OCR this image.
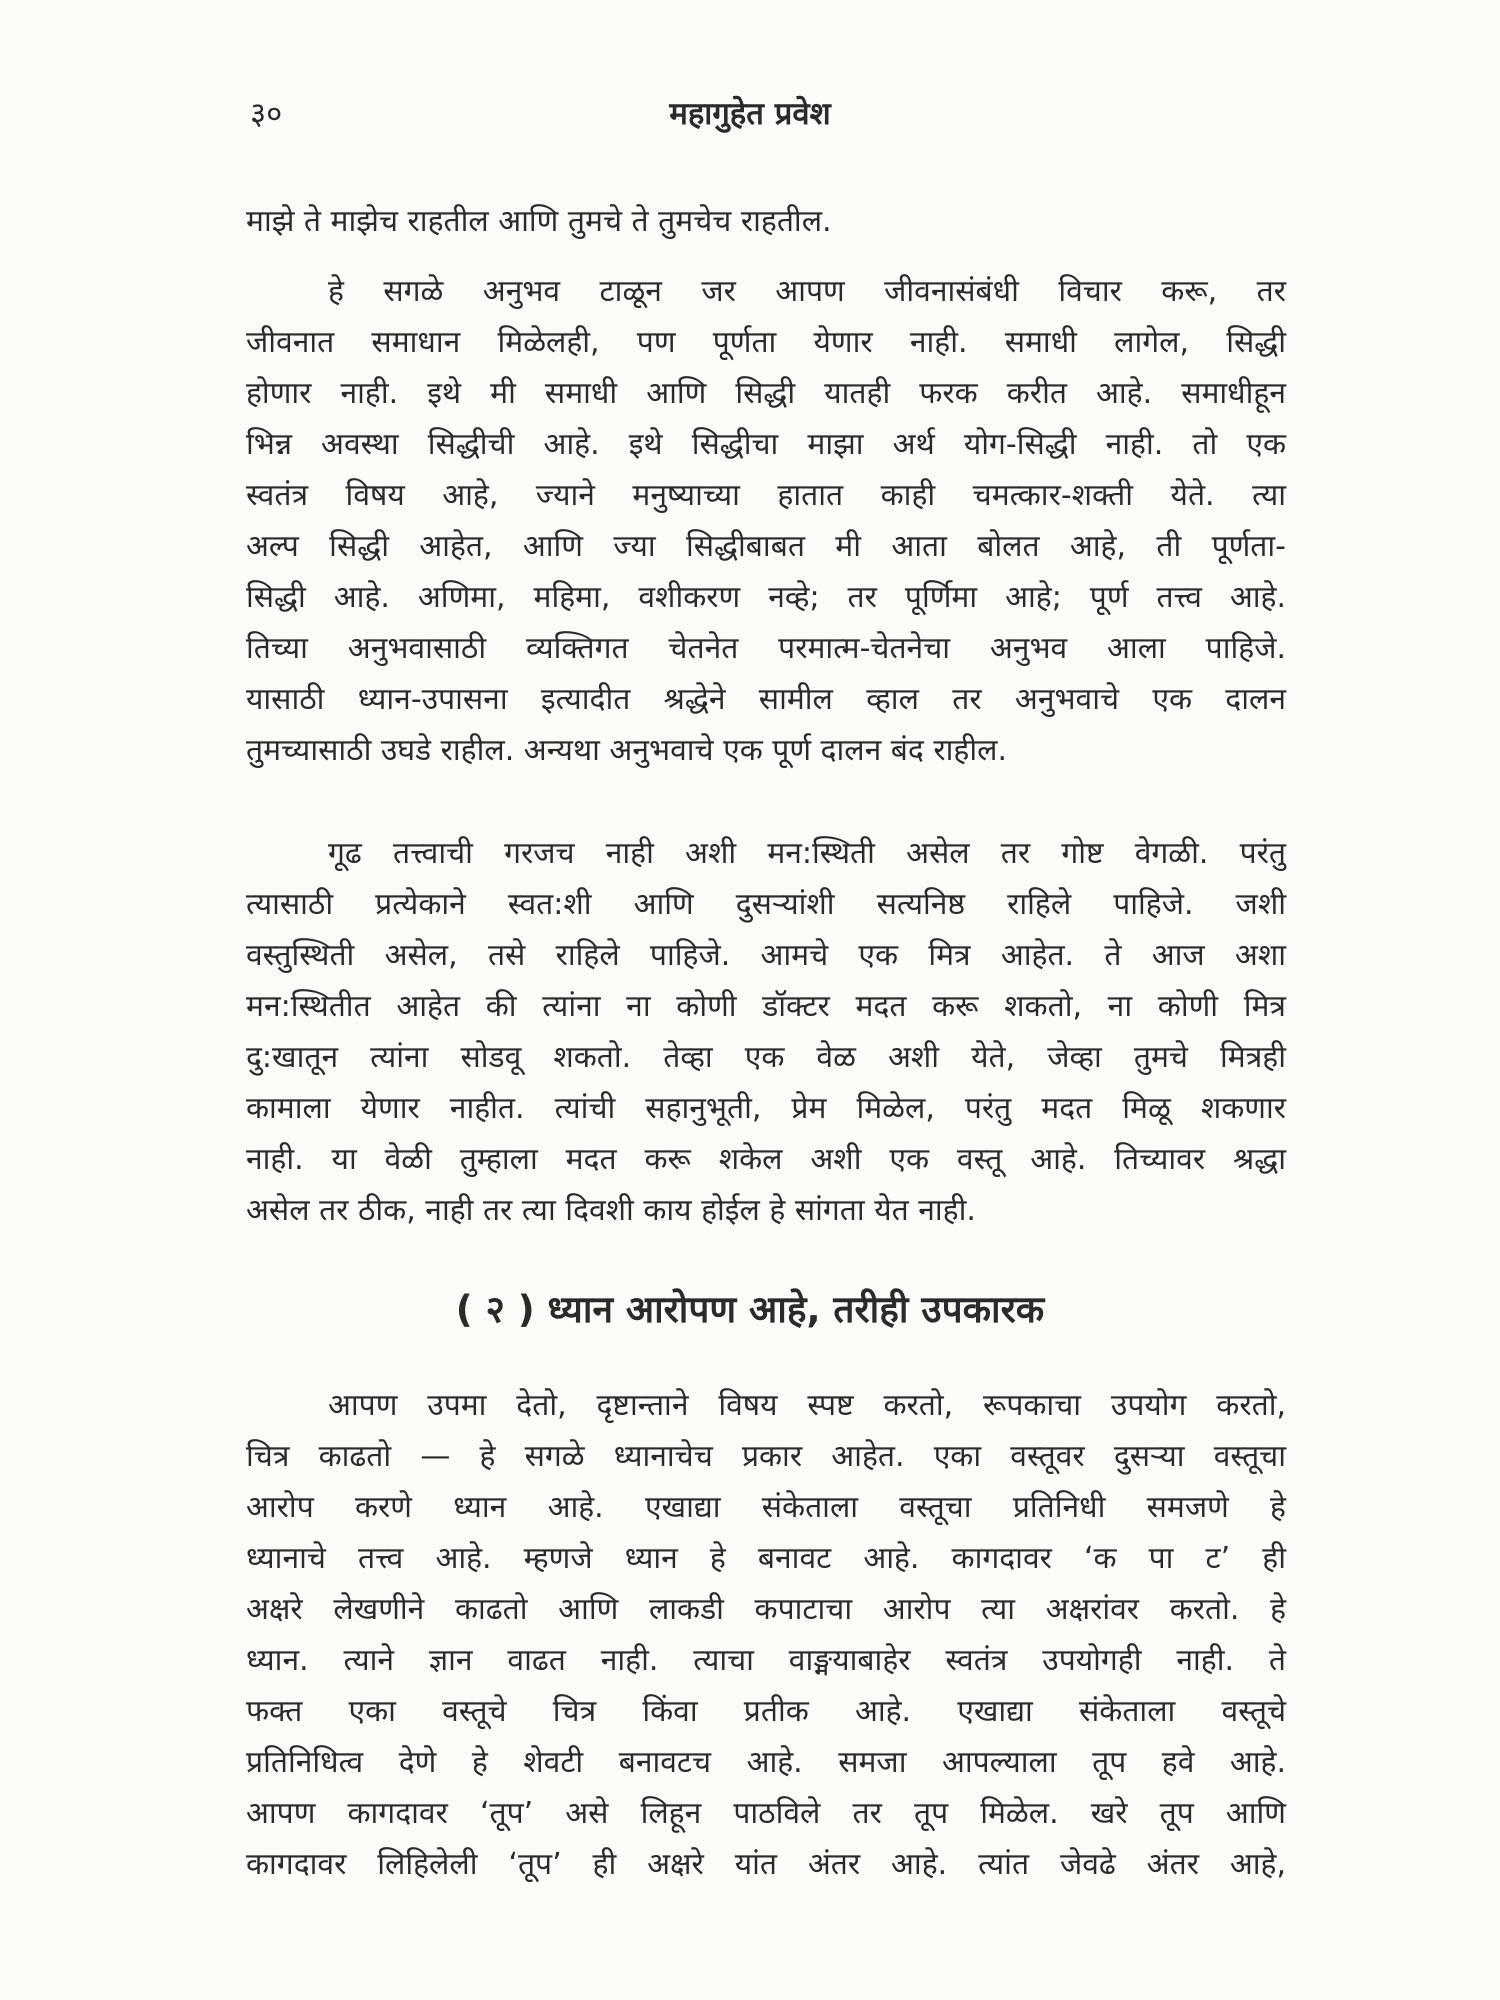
३०	महागुहेत प्रवेश
माझे ते माझेच राहतील आणि तुमचे ते तुमचेच राहतील.
हे सगळे अनुभव टाळून जर आपण जीवनासंबंधी विचार करू, तर
जीवनात समाधान मिळेलही, पण पूर्णता येणार नाही. समाधी लागेल, सिद्धी
होणार नाही. इथे मी समाधी आणि सिद्धी यातही फरक करीत आहे. समाधीहून
भिन्न अवस्था सिद्धीची आहे. इथे सिद्धीचा माझा अर्थ योग-सिद्धी नाही. तो एक
स्वतंत्र विषय आहे, ज्याने मनुष्याच्या हातात काही चमत्कार-शक्ती येते. त्या
अल्प सिद्धी आहेत, आणि ज्या सिद्धीबाबत मी आता बोलत आहे, ती पूर्णता-
सिद्धी आहे. अणिमा, महिमा, वशीकरण नव्हे; तर पूर्णिमा आहे; पूर्ण तत्त्व आहे.
तिच्या अनुभवासाठी व्यक्तिगत चेतनेत परमात्म-चेतनेचा अनुभव आला पाहिजे.
यासाठी ध्यान-उपासना इत्यादीत श्रद्धेने सामील व्हाल तर अनुभवाचे एक दालन
तुमच्यासाठी उघडे राहील. अन्यथा अनुभवाचे एक पूर्ण दालन बंद राहील.
गूढ तत्त्वाची गरजच नाही अशी मन:स्थिती असेल तर गोष्ट वेगळी. परंतु
त्यासाठी प्रत्येकाने स्वत:शी आणि दुसऱ्यांशी सत्यनिष्ठ राहिले पाहिजे. जशी
वस्तुस्थिती असेल, तसे राहिले पाहिजे. आमचे एक मित्र आहेत. ते आज अशा
मन:स्थितीत आहेत की त्यांना ना कोणी डॉक्टर मदत करू शकतो, ना कोणी मित्र
दु:खातून त्यांना सोडवू शकतो. तेव्हा एक वेळ अशी येते, जेव्हा तुमचे मित्रही
कामाला येणार नाहीत. त्यांची सहानुभूती, प्रेम मिळेल, परंतु मदत मिळू शकणार
नाही. या वेळी तुम्हाला मदत करू शकेल अशी एक वस्तू आहे. तिच्यावर श्रद्धा
असेल तर ठीक, नाही तर त्या दिवशी काय होईल हे सांगता येत नाही.
( २ ) ध्यान आरोपण आहे, तरीही उपकारक
आपण उपमा देतो, दृष्टान्ताने विषय स्पष्ट करतो, रूपकाचा उपयोग करतो,
चित्र काढतो — हे सगळे ध्यानाचेच प्रकार आहेत. एका वस्तूवर दुसऱ्या वस्तूचा
आरोप करणे ध्यान आहे. एखाद्या संकेताला वस्तूचा प्रतिनिधी समजणे हे
ध्यानाचे तत्त्व आहे. म्हणजे ध्यान हे बनावट आहे. कागदावर ‘क पा ट’ ही
अक्षरे लेखणीने काढतो आणि लाकडी कपाटाचा आरोप त्या अक्षरांवर करतो. हे
ध्यान. त्याने ज्ञान वाढत नाही. त्याचा वाङ्मयाबाहेर स्वतंत्र उपयोगही नाही. ते
फक्त एका वस्तूचे चित्र किंवा प्रतीक आहे. एखाद्या संकेताला वस्तूचे
प्रतिनिधित्व देणे हे शेवटी बनावटच आहे. समजा आपल्याला तूप हवे आहे.
आपण कागदावर ‘तूप’ असे लिहून पाठविले तर तूप मिळेल. खरे तूप आणि
कागदावर लिहिलेली ‘तूप’ ही अक्षरे यांत अंतर आहे. त्यांत जेवढे अंतर आहे,
